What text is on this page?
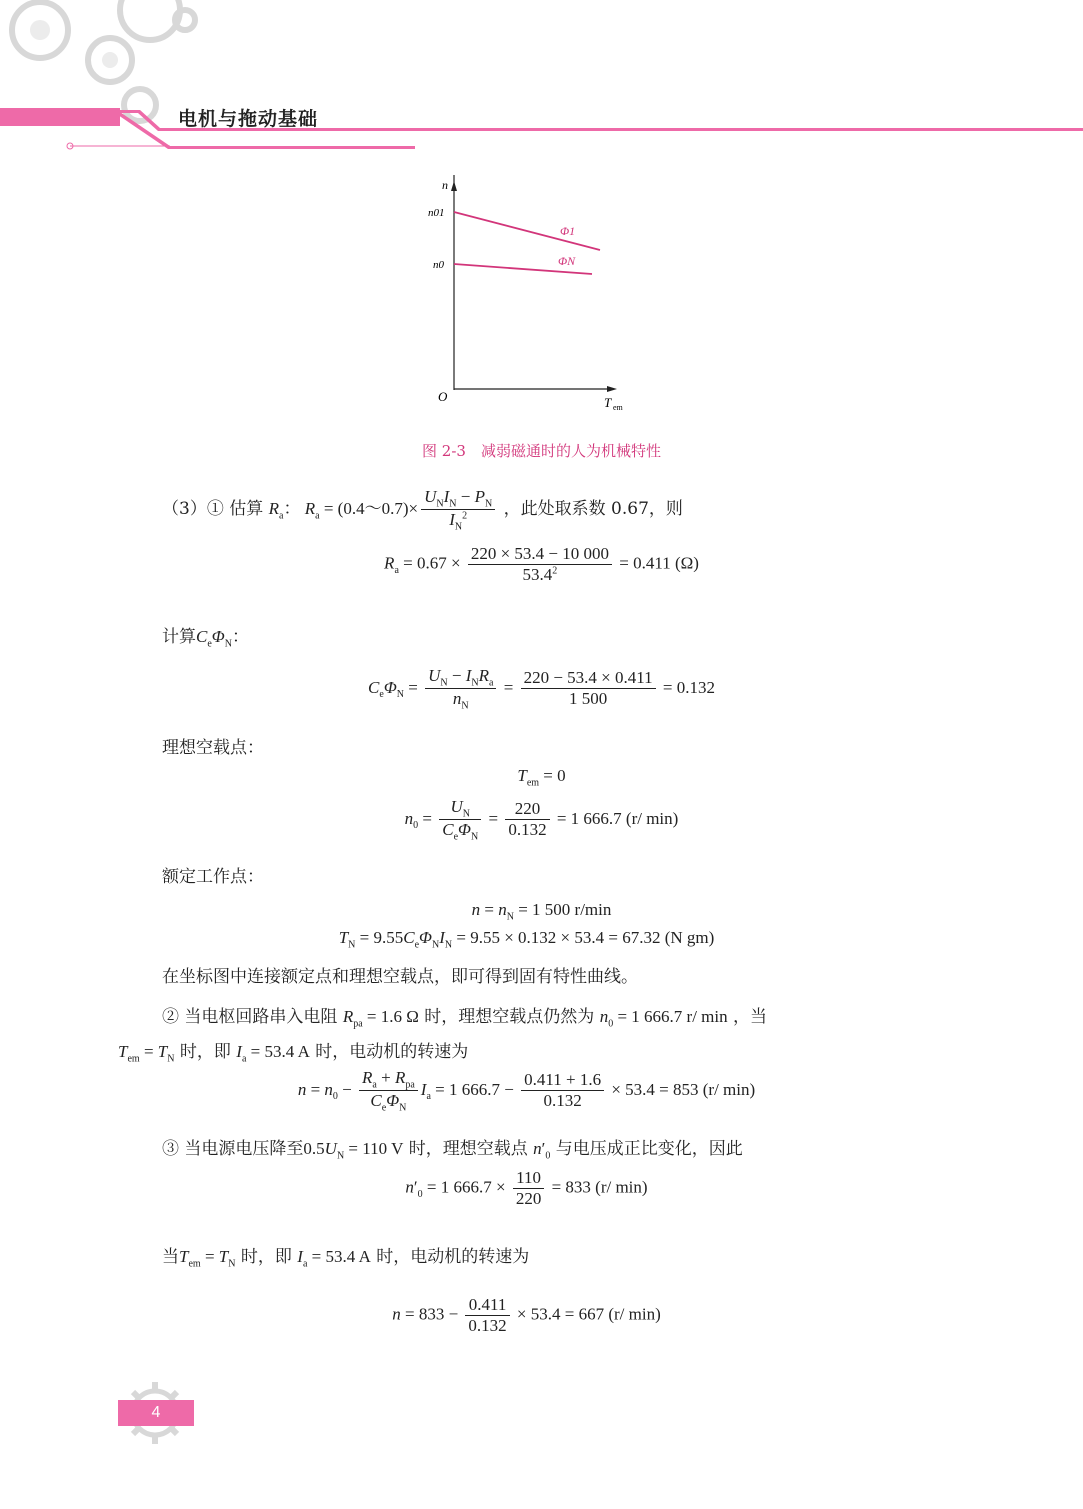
电机与拖动基础
n
n01
n0
O	T em
Φ1
ΦN
图 2-3　减弱磁通时的人为机械特性
（3）① 估算 $R_a$： $R_a$ = (0.4～0.7)× $\frac{U_NI_N - P_N}{I_N^2}$ ，此处取系数 0.67，则
$R_a = 0.67 \times \frac{220 \times 53.4 - 10 000}{53.4^2} = 0.411$ (Ω)
计算$C_e\Phi_N$：
$C_e\Phi_N = \frac{U_N - I_NR_a}{n_N} = \frac{220 - 53.4 \times 0.411}{1 500} = 0.132$
理想空载点：
$T_{em} = 0$
$n_0 = \frac{U_N}{C_e\Phi_N} = \frac{220}{0.132} = 1$ 666.7 (r/ min)
额定工作点：
$n = n_N = 1$ 500 r/min
$T_N = 9.55C_e\Phi_NI_N = 9.55 \times 0.132 \times 53.4 = 67.32$ (N gm)
在坐标图中连接额定点和理想空载点，即可得到固有特性曲线。
② 当电枢回路串入电阻 $R_{pa} = 1.6$ Ω 时，理想空载点仍然为 $n_0 = 1$ 666.7 r/ min ，当
$T_{em} = T_N$ 时，即 $I_a = 53.4$ A 时，电动机的转速为
$n = n_0 - \frac{R_a + R_{pa}}{C_e\Phi_N} I_a = 1$ $666.7 - \frac{0.411 + 1.6}{0.132} \times 53.4 = 853$ (r/ min)
③ 当电源电压降至$0.5U_N = 110$ V 时，理想空载点 $n'_0$ 与电压成正比变化，因此
$n'_0 = 1$ $666.7 \times \frac{110}{220} = 833$ (r/ min)
当$T_{em} = T_N$ 时，即 $I_a = 53.4$ A 时，电动机的转速为
$n = 833 - \frac{0.411}{0.132} \times 53.4 = 667$ (r/ min)
4
